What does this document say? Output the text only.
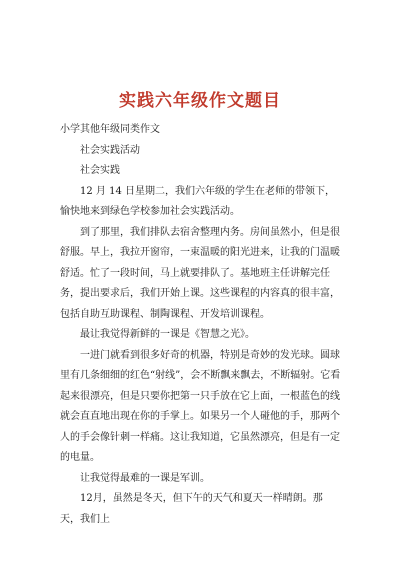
实践六年级作文题目

小学其他年级同类作文

社会实践活动

社会实践

12 月 14 日星期二，我们六年级的学生在老师的带领下，愉快地来到绿色学校参加社会实践活动。

到了那里，我们排队去宿舍整理内务。房间虽然小，但是很舒服。早上，我拉开窗帘，一束温暖的阳光进来，让我的门温暖舒适。忙了一段时间，马上就要排队了。基地班主任讲解完任务，提出要求后，我们开始上课。这些课程的内容真的很丰富，包括自助互助课程、制陶课程、开发培训课程。

最让我觉得新鲜的一课是《智慧之光》。

一进门就看到很多好奇的机器，特别是奇妙的发光球。圆球里有几条细细的红色“射线”，会不断飘来飘去，不断辐射。它看起来很漂亮，但是只要你把第一只手放在它上面，一根蓝色的线就会直直地出现在你的手掌上。如果另一个人碰他的手，那两个人的手会像针刺一样痛。这让我知道，它虽然漂亮，但是有一定的电量。

让我觉得最难的一课是军训。

12月，虽然是冬天，但下午的天气和夏天一样晴朗。那天，我们上
